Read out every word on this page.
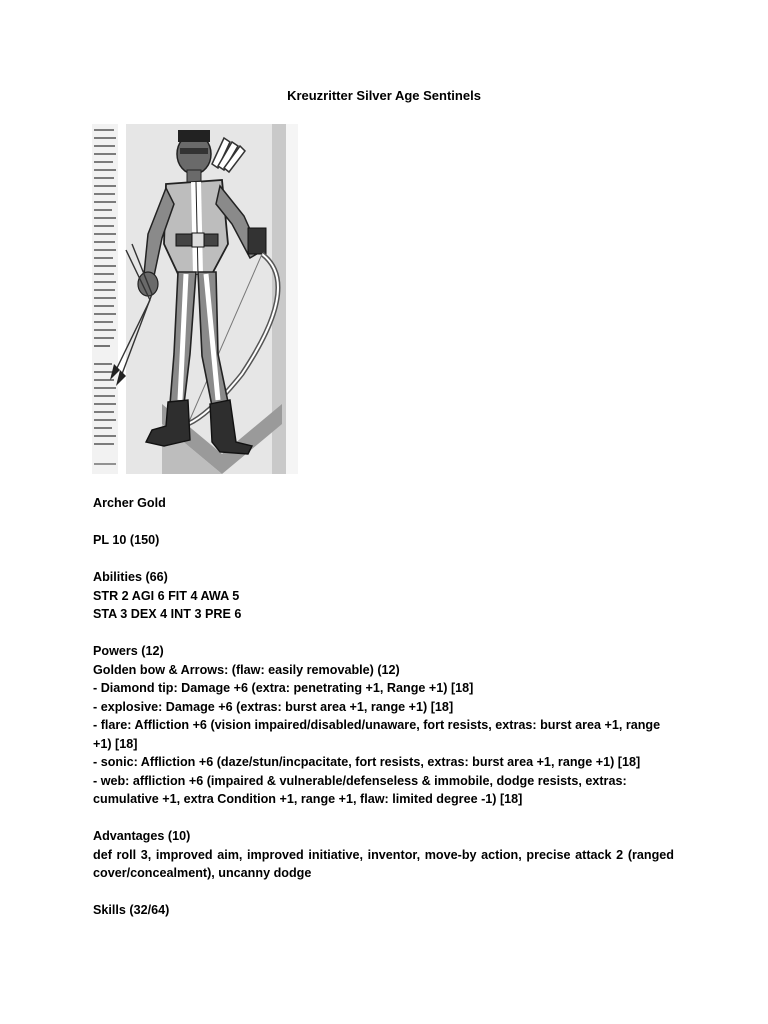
Kreuzritter Silver Age Sentinels

Archer Gold

PL 10 (150)

Abilities (66)

STR 2 AGI 6 FIT 4 AWA 5

STA 3 DEX 4 INT 3 PRE 6

Powers (12)

Golden bow & Arrows: (flaw: easily removable) (12)

- Diamond tip: Damage +6 (extra: penetrating +1, Range +1) [18]

- explosive: Damage +6 (extras: burst area +1, range +1) [18]

- flare: Affliction +6 (vision impaired/disabled/unaware, fort resists, extras: burst area +1, range +1) [18]

- sonic: Affliction +6 (daze/stun/incpacitate, fort resists, extras: burst area +1, range +1) [18]

- web: affliction +6 (impaired & vulnerable/defenseless & immobile, dodge resists, extras: cumulative +1, extra Condition +1, range +1, flaw: limited degree -1) [18]

Advantages (10)

def roll 3, improved aim, improved initiative, inventor, move-by action, precise attack 2 (ranged cover/concealment), uncanny dodge

Skills (32/64)
